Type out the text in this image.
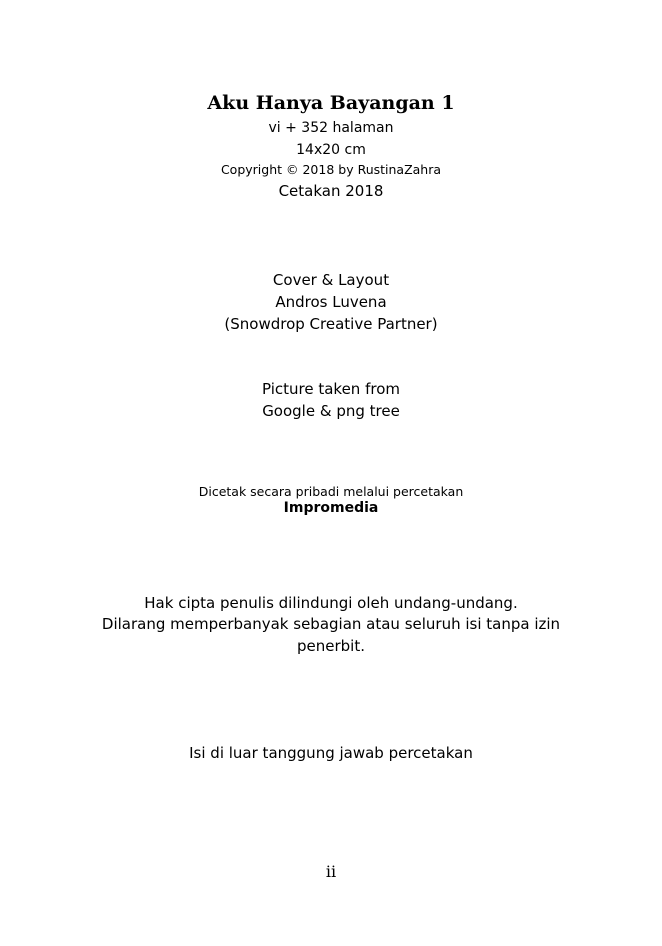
Aku Hanya Bayangan 1

vi + 352 halaman

14x20 cm

Copyright © 2018 by RustinaZahra

Cetakan 2018

Cover & Layout

Andros Luvena

(Snowdrop Creative Partner)

Picture taken from

Google & png tree

Dicetak secara pribadi melalui percetakan

Impromedia

Hak cipta penulis dilindungi oleh undang-undang.

Dilarang memperbanyak sebagian atau seluruh isi tanpa izin

penerbit.

Isi di luar tanggung jawab percetakan

ii
